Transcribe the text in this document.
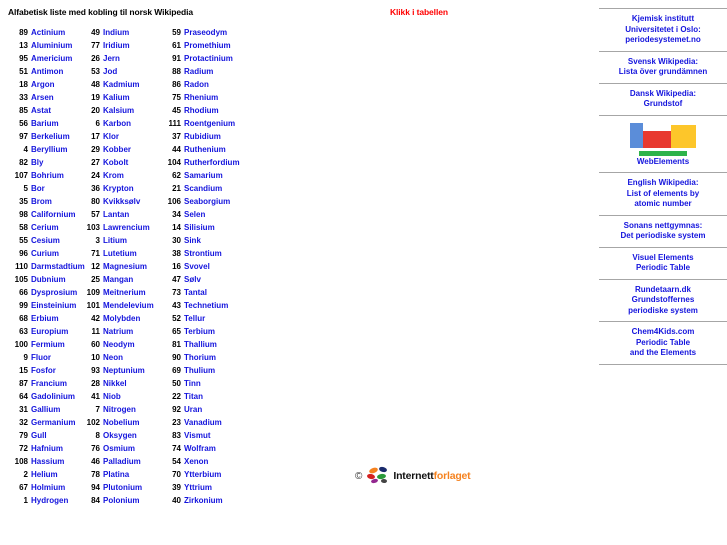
Alfabetisk liste med kobling til norsk Wikipedia	Klikk i tabellen
89 Actinium	49 Indium	59 Praseodym
13 Aluminium	77 Iridium	61 Promethium
95 Americium	26 Jern	91 Protactinium
51 Antimon	53 Jod	88 Radium
18 Argon	48 Kadmium	86 Radon
33 Arsen	19 Kalium	75 Rhenium
85 Astat	20 Kalsium	45 Rhodium
56 Barium	6 Karbon	111 Roentgenium
97 Berkelium	17 Klor	37 Rubidium
4 Beryllium	29 Kobber	44 Ruthenium
82 Bly	27 Kobolt	104 Rutherfordium
107 Bohrium	24 Krom	62 Samarium
5 Bor	36 Krypton	21 Scandium
35 Brom	80 Kvikksølv	106 Seaborgium
98 Californium	57 Lantan	34 Selen
58 Cerium	103 Lawrencium	14 Silisium
55 Cesium	3 Litium	30 Sink
96 Curium	71 Lutetium	38 Strontium
110 Darmstadtium 12 Magnesium	16 Svovel
105 Dubnium	25 Mangan	47 Sølv
66 Dysprosium	109 Meitnerium	73 Tantal
99 Einsteinium	101 Mendelevium	43 Technetium
68 Erbium	42 Molybden	52 Tellur
63 Europium	11 Natrium	65 Terbium
100 Fermium	60 Neodym	81 Thallium
9 Fluor	10 Neon	90 Thorium
15 Fosfor	93 Neptunium	69 Thulium
87 Francium	28 Nikkel	50 Tinn
64 Gadolinium	41 Niob	22 Titan
31 Gallium	7 Nitrogen	92 Uran
32 Germanium	102 Nobelium	23 Vanadium
79 Gull	8 Oksygen	83 Vismut
72 Hafnium	76 Osmium	74 Wolfram
108 Hassium	46 Palladium	54 Xenon
2 Helium	78 Platina	70 Ytterbium
67 Holmium	94 Plutonium	39 Yttrium
1 Hydrogen	84 Polonium	40 Zirkonium
Kjemisk institutt
Universitetet i Oslo:
periodesystemet.no
Svensk Wikipedia:
Lista över grundämnen
Dansk Wikipedia:
Grundstof
WebElements
English Wikipedia:
List of elements by
atomic number
Sonans nettgymnas:
Det periodiske system
Visuel Elements
Periodic Table
Rundetaarn.dk
Grundstoffernes
periodiske system
Chem4Kids.com
Periodic Table
and the Elements
©	Internettforlaget
